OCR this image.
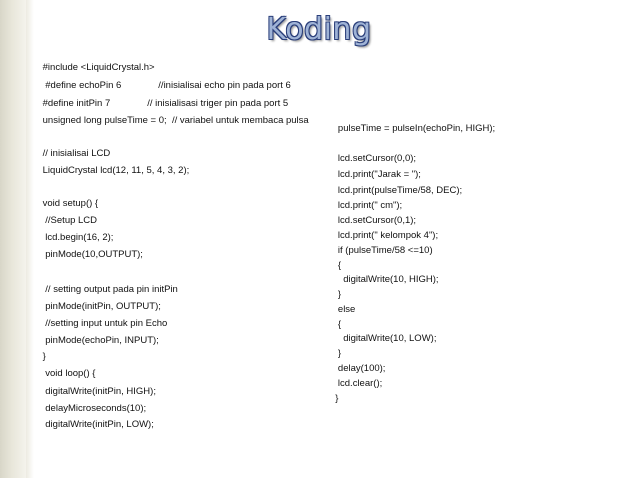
Koding
#include <LiquidCrystal.h>
#define echoPin 6              //inisialisai echo pin pada port 6
#define initPin 7              // inisialisasi triger pin pada port 5
unsigned long pulseTime = 0;  // variabel untuk membaca pulsa
// inisialisai LCD
LiquidCrystal lcd(12, 11, 5, 4, 3, 2);
void setup() {
//Setup LCD
lcd.begin(16, 2);
pinMode(10,OUTPUT);
// setting output pada pin initPin
pinMode(initPin, OUTPUT);
//setting input untuk pin Echo
pinMode(echoPin, INPUT);
}
void loop() {
digitalWrite(initPin, HIGH);
delayMicroseconds(10);
digitalWrite(initPin, LOW);
pulseTime = pulseIn(echoPin, HIGH);
lcd.setCursor(0,0);
lcd.print("Jarak = ");
lcd.print(pulseTime/58, DEC);
lcd.print(" cm");
lcd.setCursor(0,1);
lcd.print(" kelompok 4");
if (pulseTime/58 <=10)
{
digitalWrite(10, HIGH);
}
else
{
digitalWrite(10, LOW);
}
delay(100);
lcd.clear();
}
